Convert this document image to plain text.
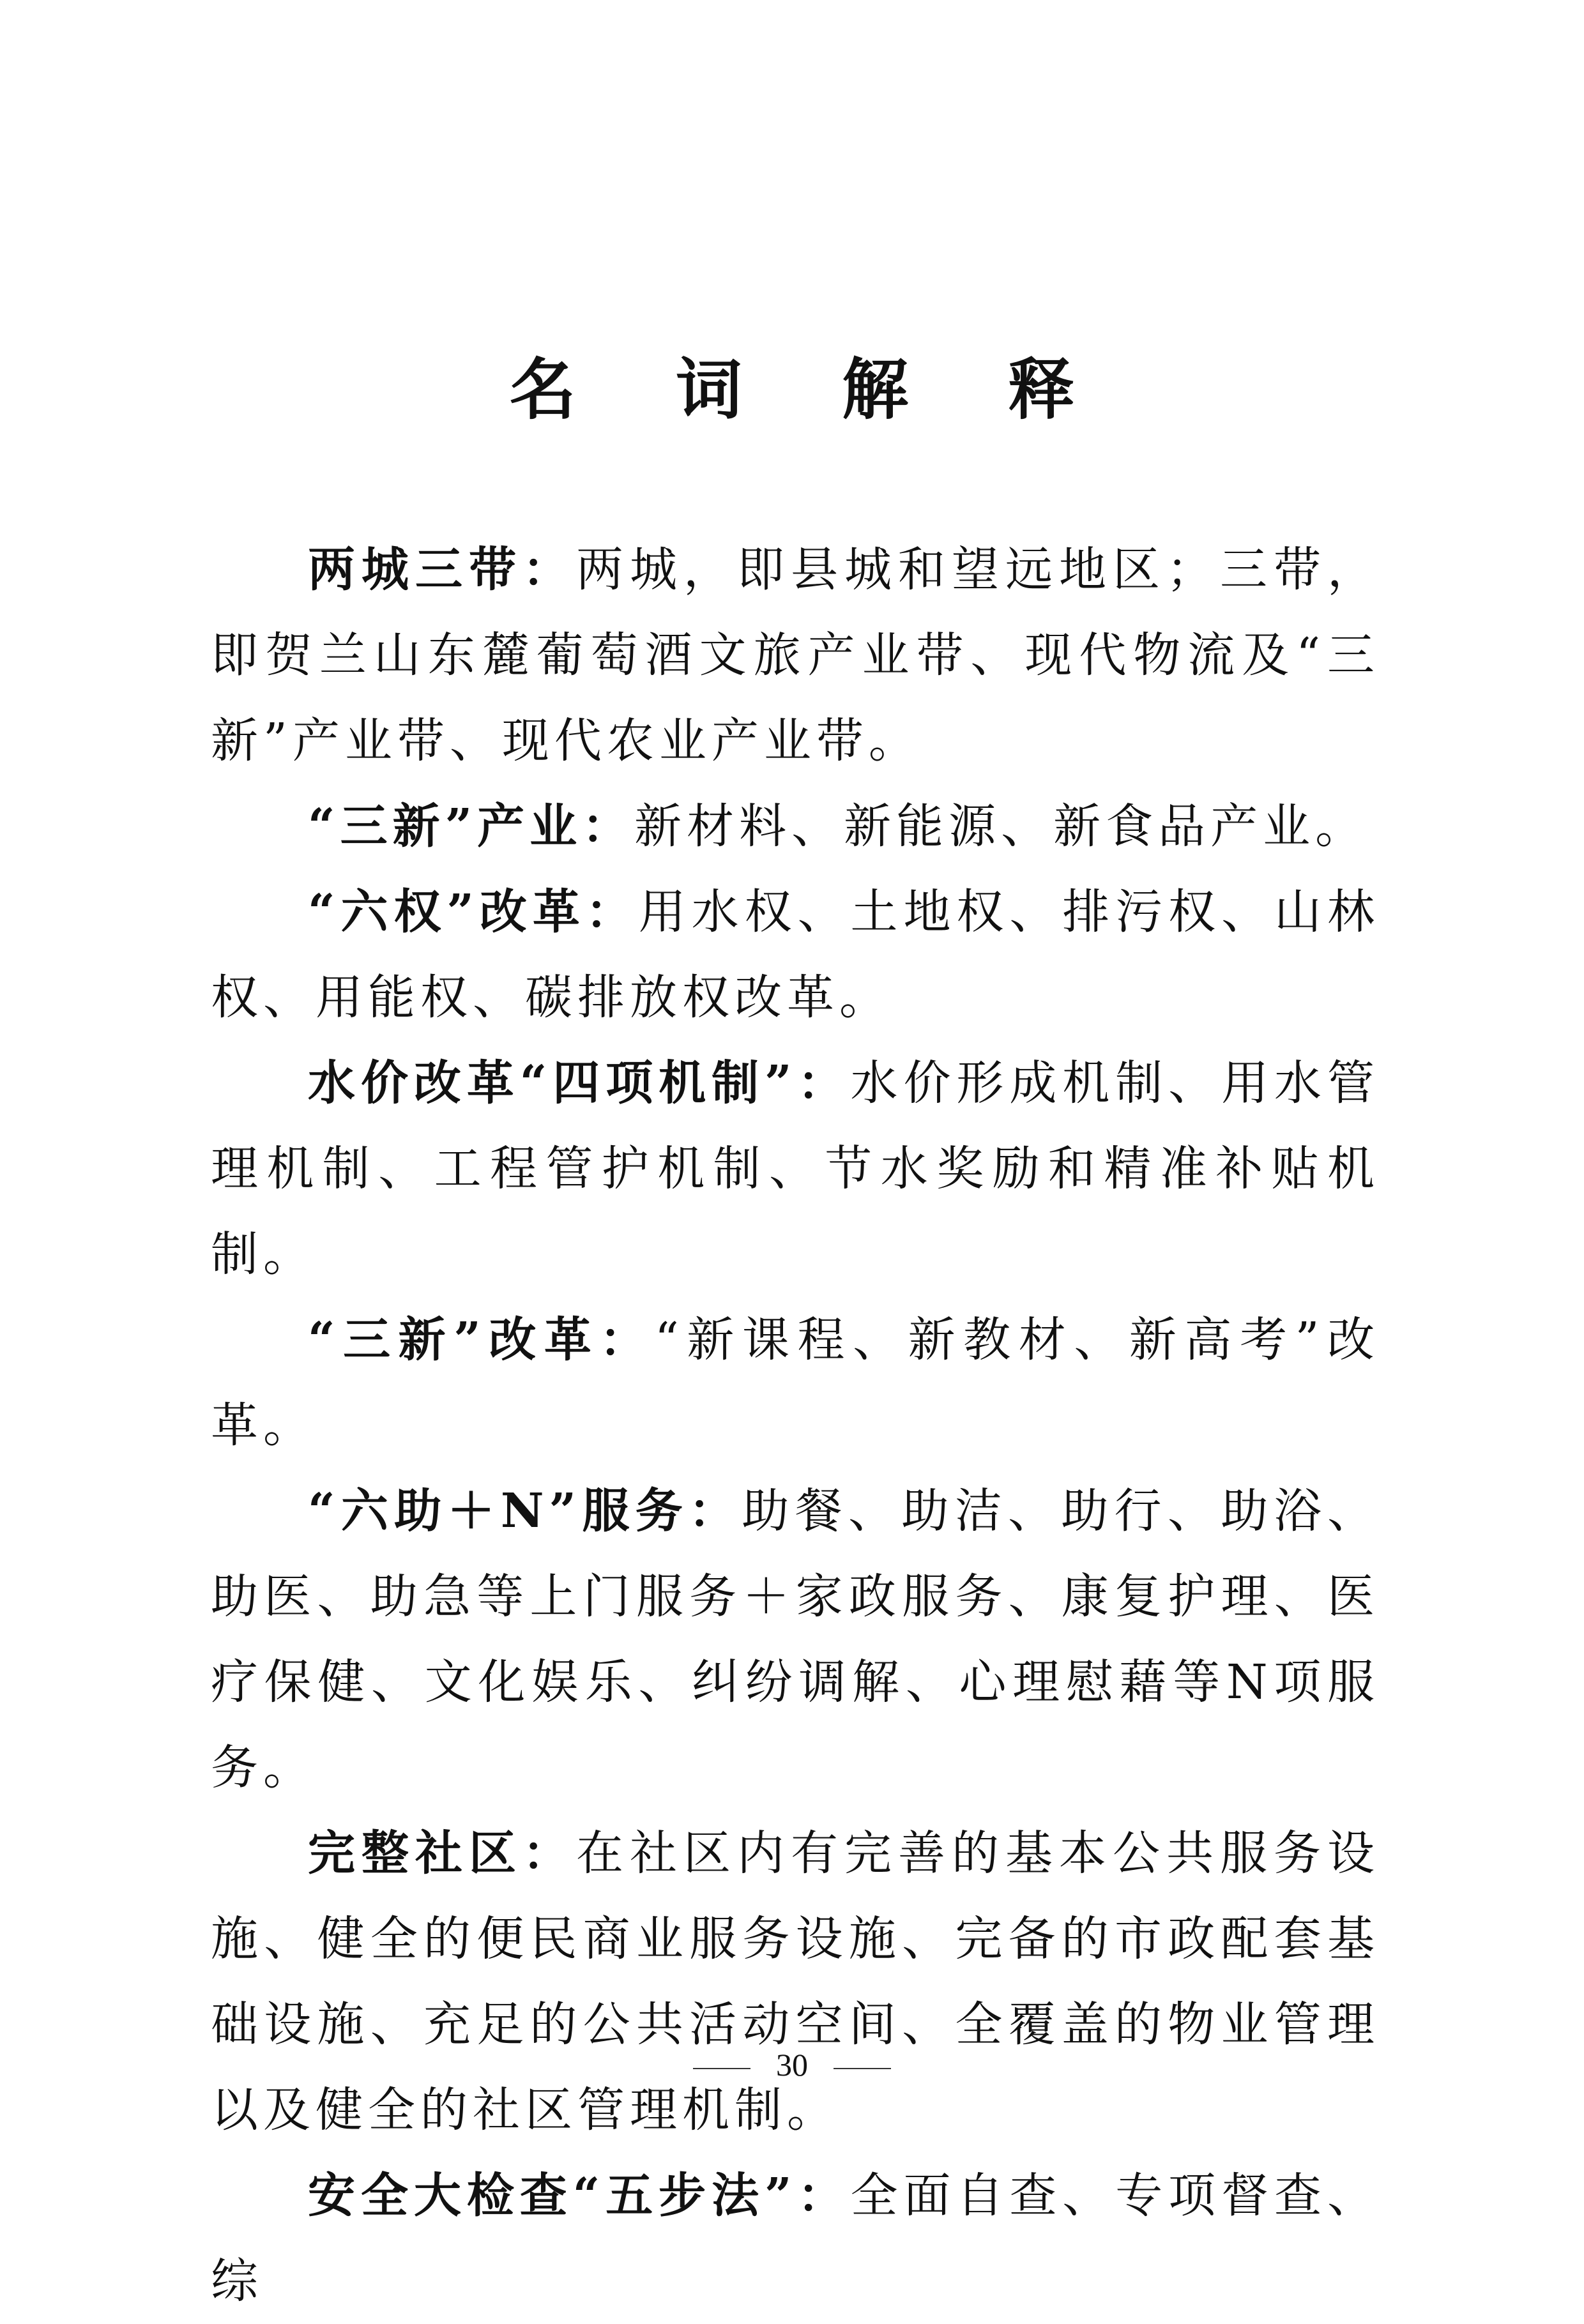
名 词 解 释

两城三带：两城，即县城和望远地区；三带，即贺兰山东麓葡萄酒文旅产业带、现代物流及“三新”产业带、现代农业产业带。

“三新”产业：新材料、新能源、新食品产业。

“六权”改革：用水权、土地权、排污权、山林权、用能权、碳排放权改革。

水价改革“四项机制”：水价形成机制、用水管理机制、工程管护机制、节水奖励和精准补贴机制。

“三新”改革：“新课程、新教材、新高考”改革。

“六助＋N”服务：助餐、助洁、助行、助浴、助医、助急等上门服务＋家政服务、康复护理、医疗保健、文化娱乐、纠纷调解、心理慰藉等N项服务。

完整社区：在社区内有完善的基本公共服务设施、健全的便民商业服务设施、完备的市政配套基础设施、充足的公共活动空间、全覆盖的物业管理以及健全的社区管理机制。

安全大检查“五步法”：全面自查、专项督查、综

30
